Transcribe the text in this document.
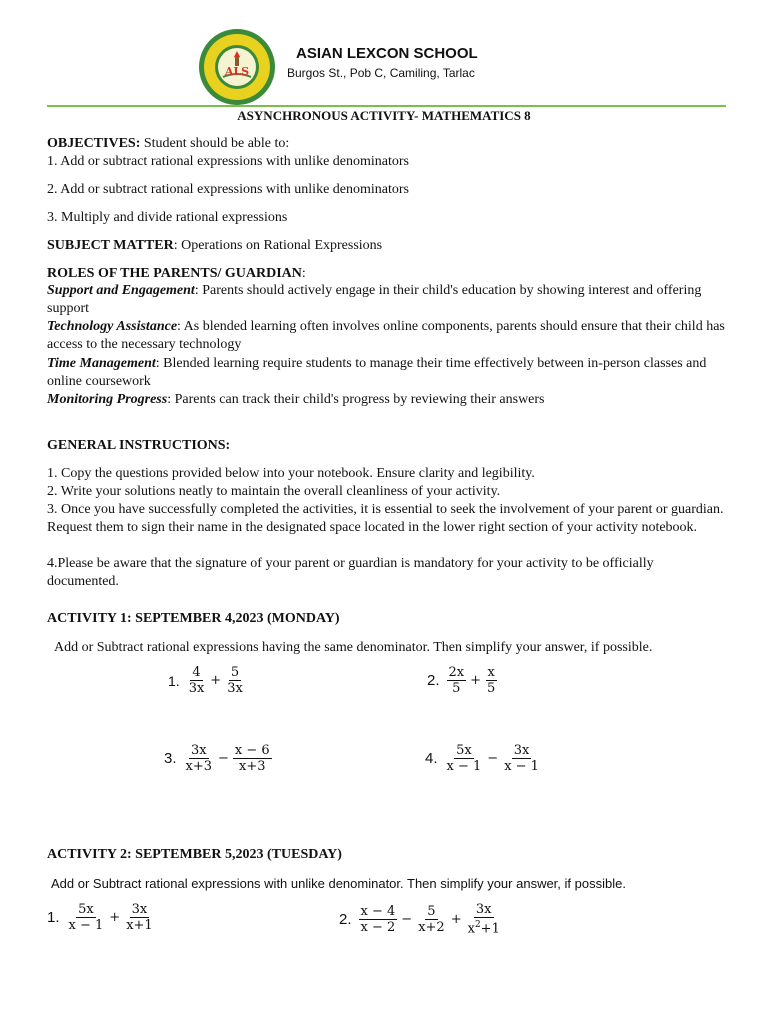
ALS
ASIAN LEXCON SCHOOL
Burgos St., Pob C, Camiling, Tarlac
ASYNCHRONOUS ACTIVITY- MATHEMATICS 8
OBJECTIVES: Student should be able to:
1. Add or subtract rational expressions with unlike denominators
2. Add or subtract rational expressions with unlike denominators
3. Multiply and divide rational expressions
SUBJECT MATTER: Operations on Rational Expressions
ROLES OF THE PARENTS/ GUARDIAN:
Support and Engagement: Parents should actively engage in their child's education by showing interest and offering support
Technology Assistance: As blended learning often involves online components, parents should ensure that their child has access to the necessary technology
Time Management: Blended learning require students to manage their time effectively between in-person classes and online coursework
Monitoring Progress: Parents can track their child's progress by reviewing their answers
GENERAL INSTRUCTIONS:
1. Copy the questions provided below into your notebook. Ensure clarity and legibility.
2. Write your solutions neatly to maintain the overall cleanliness of your activity.
3. Once you have successfully completed the activities, it is essential to seek the involvement of your parent or guardian. Request them to sign their name in the designated space located in the lower right section of your activity notebook.
4.Please be aware that the signature of your parent or guardian is mandatory for your activity to be officially documented.
ACTIVITY 1: SEPTEMBER 4,2023 (MONDAY)
Add or Subtract rational expressions having the same denominator. Then simplify your answer, if possible.
1. $\frac{4}{3x} + \frac{5}{3x}$	2. $\frac{2x}{5} + \frac{x}{5}$
3. $\frac{3x}{x+3} - \frac{x - 6}{x+3}$	4. $\frac{5x}{x - 1} - \frac{3x}{x - 1}$
ACTIVITY 2: SEPTEMBER 5,2023 (TUESDAY)
Add or Subtract rational expressions with unlike denominator. Then simplify your answer, if possible.
1. $\frac{5x}{x - 1} + \frac{3x}{x+1}$	2. $\frac{x - 4}{x - 2} - \frac{5}{x+2} + \frac{3x}{x^2+1}$
